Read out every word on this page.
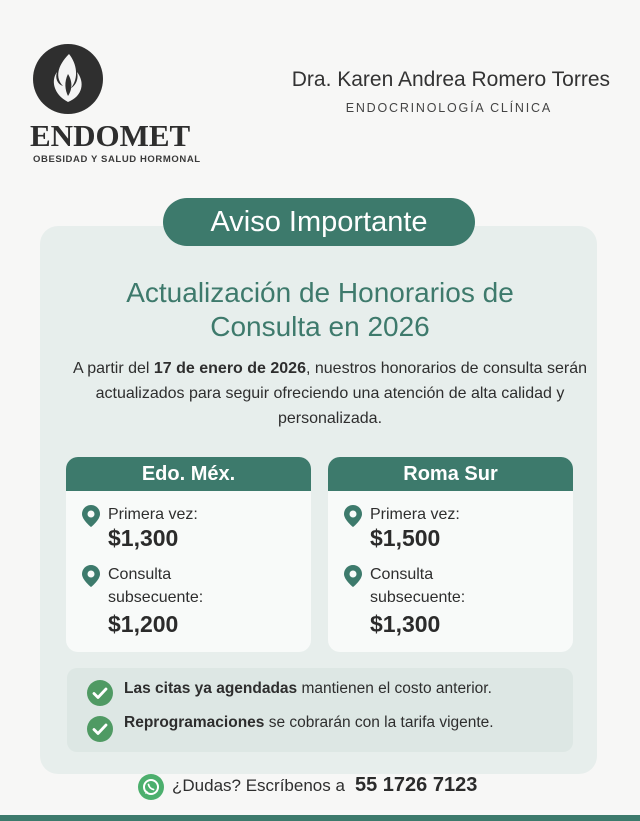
ENDOMET
OBESIDAD Y SALUD HORMONAL
Dra. Karen Andrea Romero Torres
ENDOCRINOLOGÍA CLÍNICA
Aviso Importante
Actualización de Honorarios de
Consulta en 2026
A partir del 17 de enero de 2026, nuestros honorarios de consulta serán actualizados para seguir ofreciendo una atención de alta calidad y personalizada.
Edo. Méx.
Primera vez:
$1,300
Consulta
subsecuente:
$1,200
Roma Sur
Primera vez:
$1,500
Consulta
subsecuente:
$1,300
Las citas ya agendadas mantienen el costo anterior.
Reprogramaciones se cobrarán con la tarifa vigente.
¿Dudas? Escríbenos a 55 1726 7123
